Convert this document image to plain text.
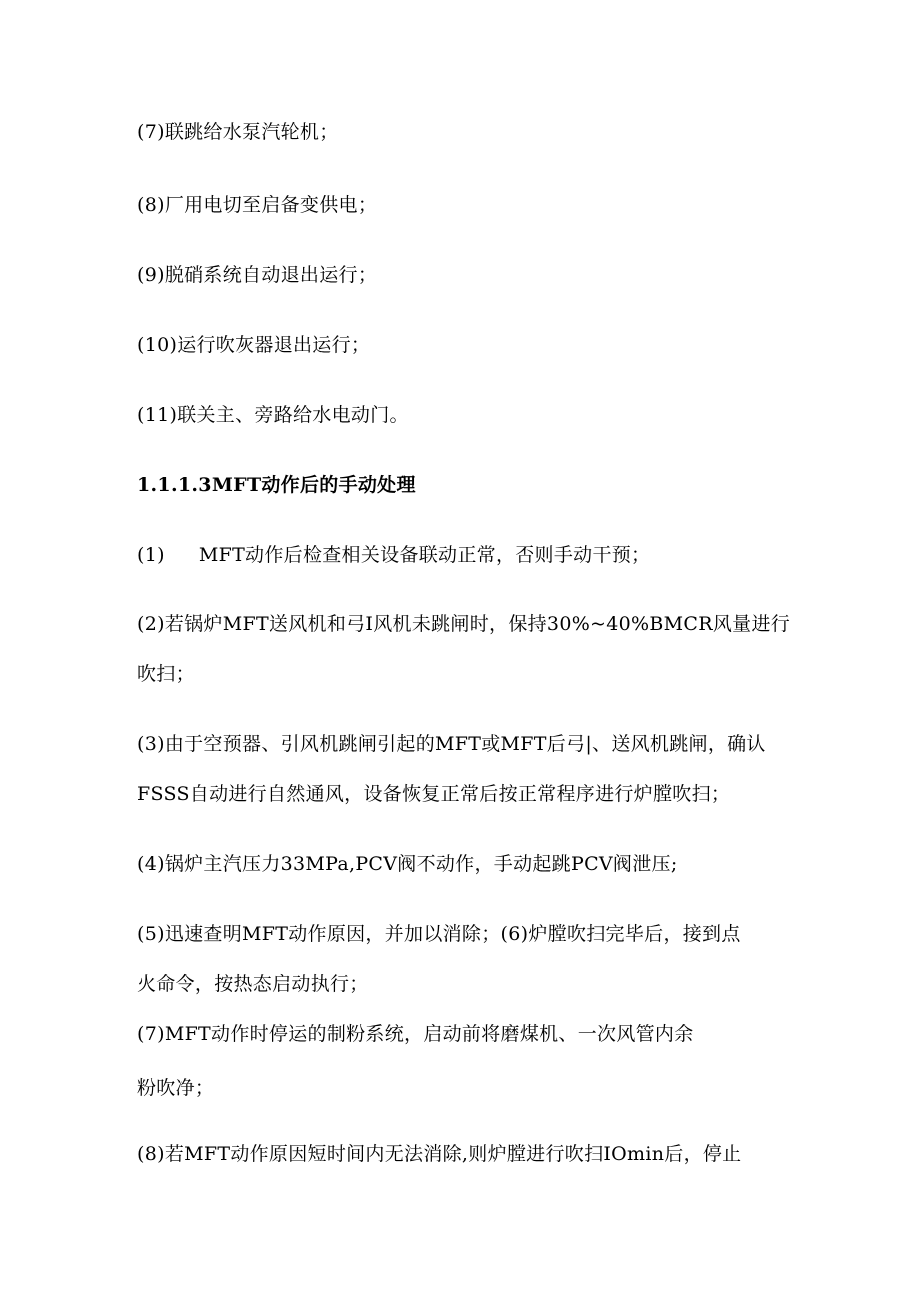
(7)联跳给水泵汽轮机；
(8)厂用电切至启备变供电；
(9)脱硝系统自动退出运行；
(10)运行吹灰器退出运行；
(11)联关主、旁路给水电动门。
1.1.1.3MFT动作后的手动处理
(1) MFT动作后检查相关设备联动正常，否则手动干预；
(2)若锅炉MFT送风机和弓I风机未跳闸时，保持30%~40%BMCR风量进行
吹扫；
(3)由于空预器、引风机跳闸引起的MFT或MFT后弓|、送风机跳闸，确认
FSSS自动进行自然通风，设备恢复正常后按正常程序进行炉膛吹扫；
(4)锅炉主汽压力33MPa,PCV阀不动作，手动起跳PCV阀泄压;
(5)迅速查明MFT动作原因，并加以消除；(6)炉膛吹扫完毕后，接到点
火命令，按热态启动执行；
(7)MFT动作时停运的制粉系统，启动前将磨煤机、一次风管内余
粉吹净；
(8)若MFT动作原因短时间内无法消除,则炉膛进行吹扫IOmin后，停止
